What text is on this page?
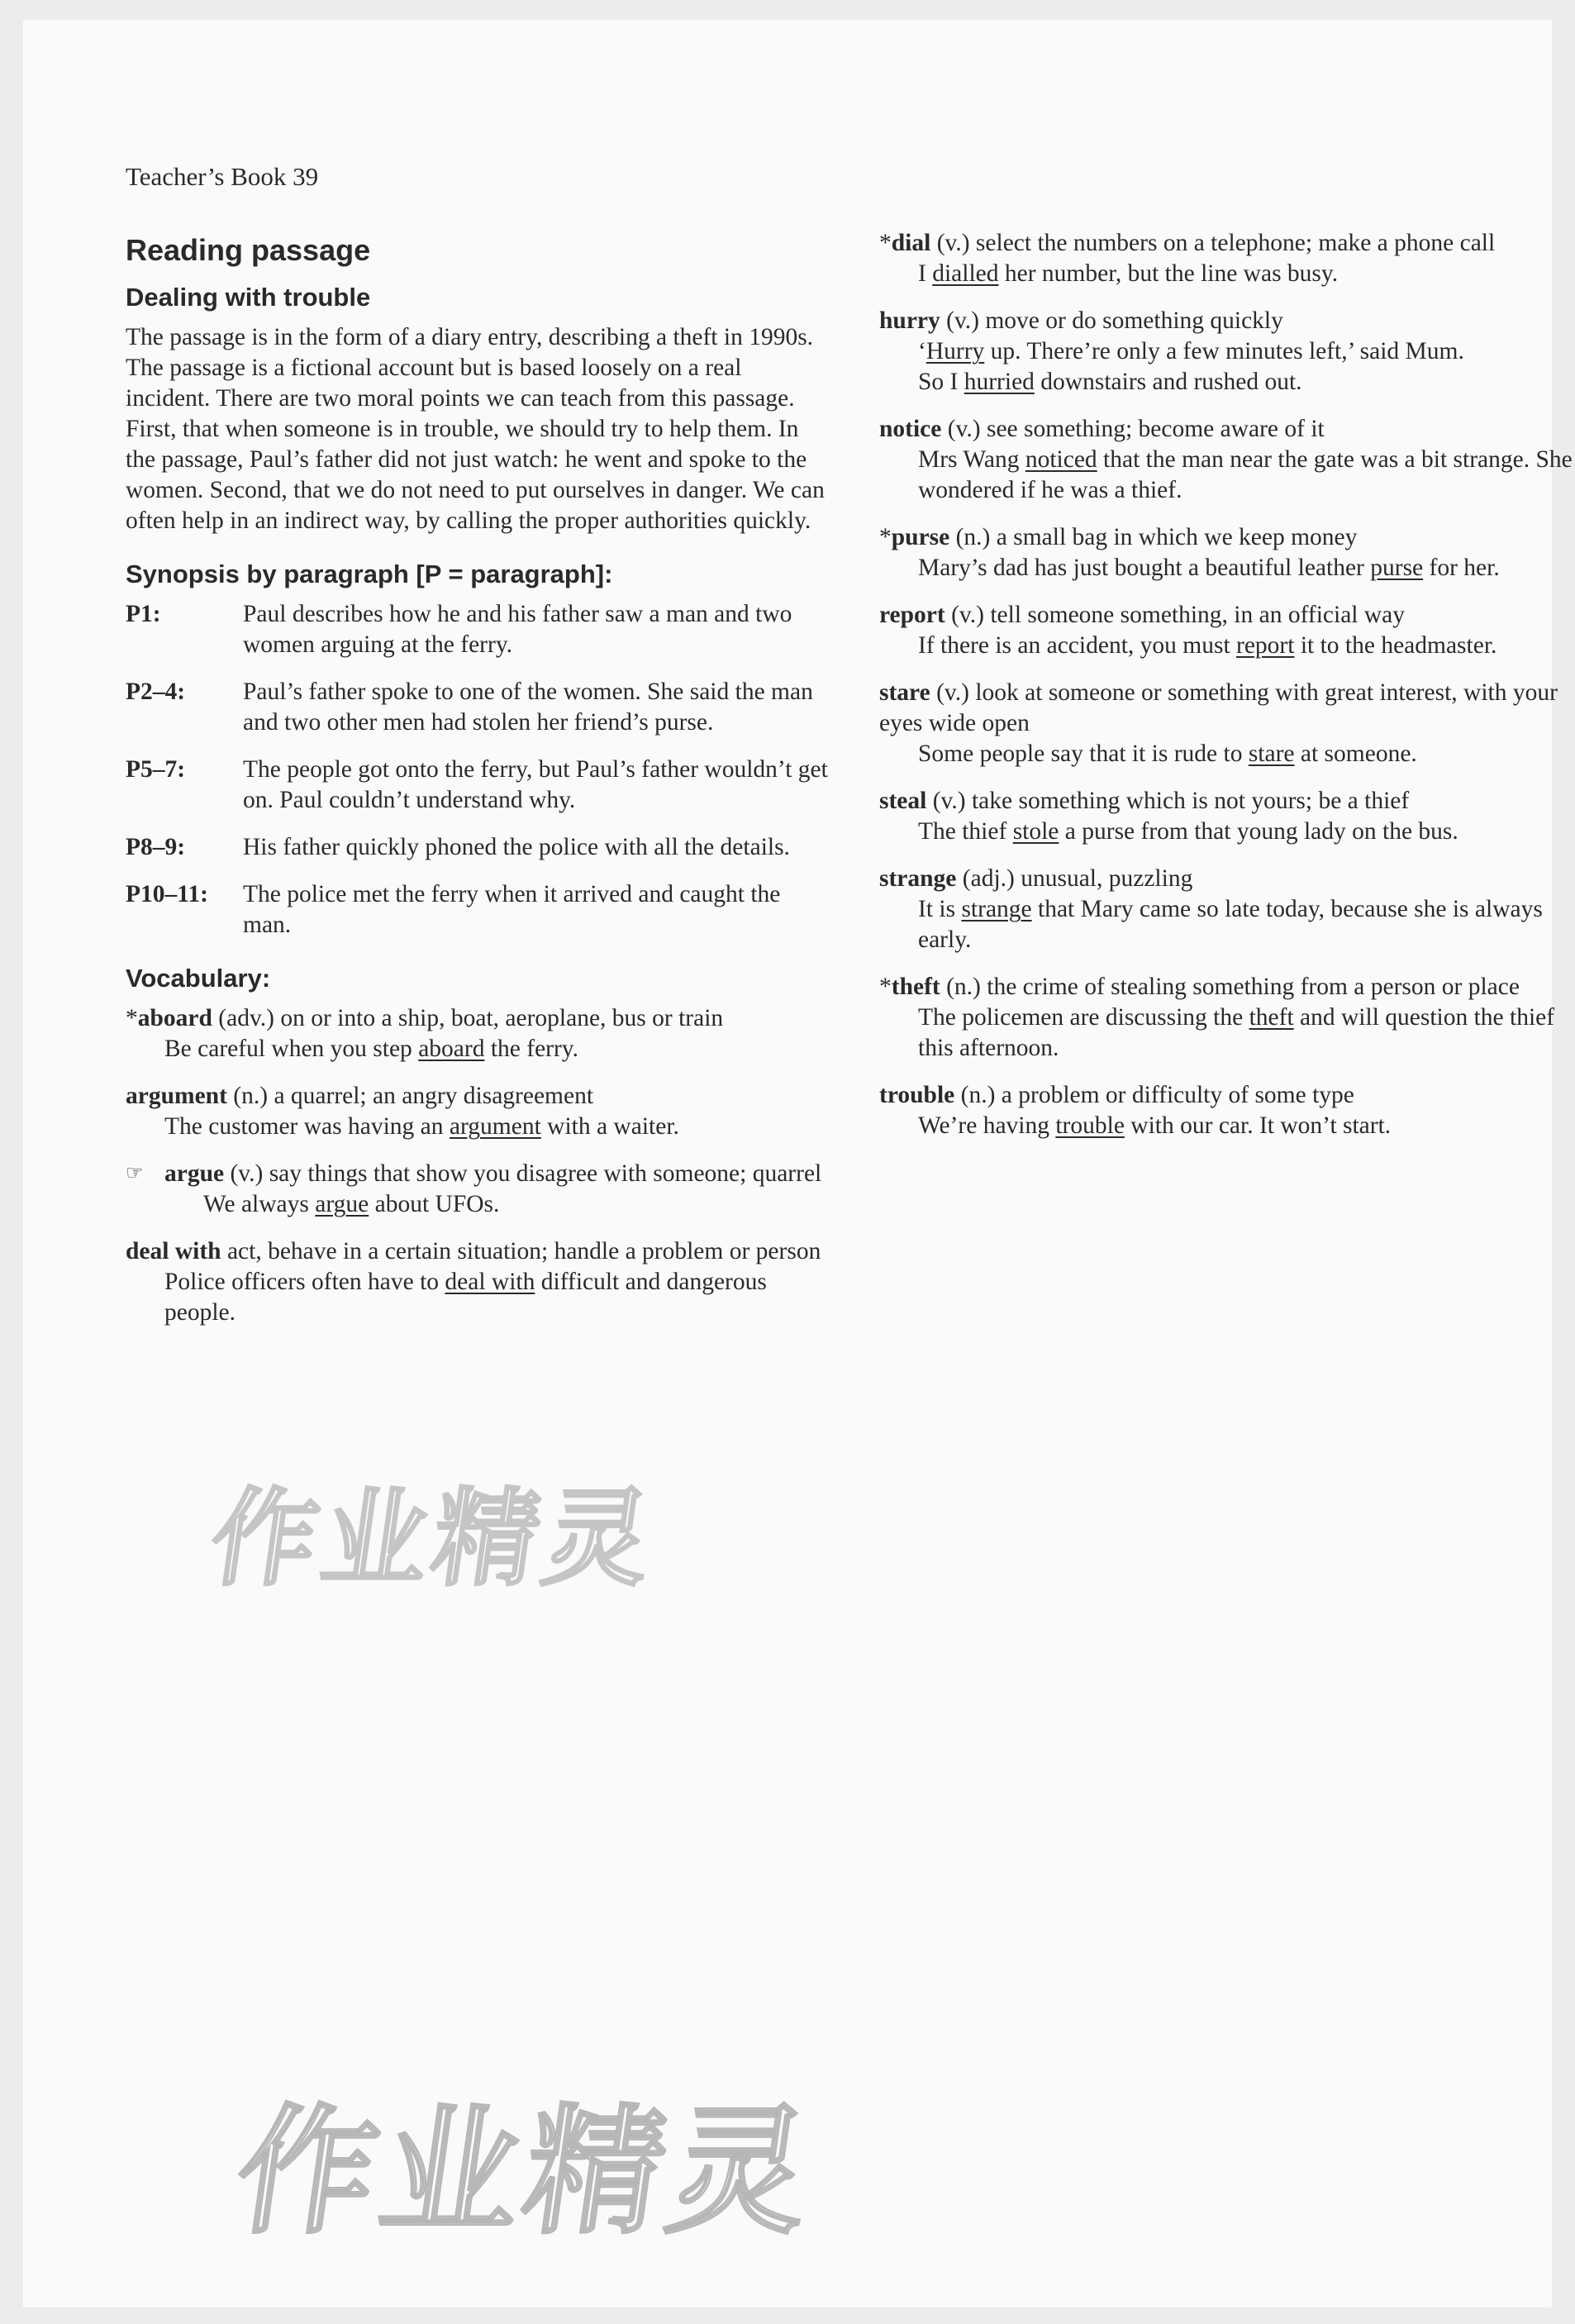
Teacher’s Book 39
Reading passage
Dealing with trouble

The passage is in the form of a diary entry, describing a theft in 1990s. The passage is a fictional account but is based loosely on a real incident. There are two moral points we can teach from this passage. First, that when someone is in trouble, we should try to help them. In the passage, Paul’s father did not just watch: he went and spoke to the women. Second, that we do not need to put ourselves in danger. We can often help in an indirect way, by calling the proper authorities quickly.

Synopsis by paragraph [P = paragraph]:
P1:	Paul describes how he and his father saw a man and two women arguing at the ferry.
P2–4:	Paul’s father spoke to one of the women. She said the man and two other men had stolen her friend’s purse.
P5–7:	The people got onto the ferry, but Paul’s father wouldn’t get on. Paul couldn’t understand why.
P8–9:	His father quickly phoned the police with all the details.
P10–11:	The police met the ferry when it arrived and caught the man.
Vocabulary:
*aboard (adv.) on or into a ship, boat, aeroplane, bus or train
Be careful when you step aboard the ferry.
argument (n.) a quarrel; an angry disagreement
The customer was having an argument with a waiter.
☞ argue (v.) say things that show you disagree with someone; quarrel
We always argue about UFOs.
deal with act, behave in a certain situation; handle a problem or person
Police officers often have to deal with difficult and dangerous people.
*dial (v.) select the numbers on a telephone; make a phone call
I dialled her number, but the line was busy.
hurry (v.) move or do something quickly
‘Hurry up. There’re only a few minutes left,’ said Mum.
So I hurried downstairs and rushed out.
notice (v.) see something; become aware of it
Mrs Wang noticed that the man near the gate was a bit strange. She wondered if he was a thief.
*purse (n.) a small bag in which we keep money
Mary’s dad has just bought a beautiful leather purse for her.
report (v.) tell someone something, in an official way
If there is an accident, you must report it to the headmaster.
stare (v.) look at someone or something with great interest, with your eyes wide open
Some people say that it is rude to stare at someone.
steal (v.) take something which is not yours; be a thief
The thief stole a purse from that young lady on the bus.
strange (adj.) unusual, puzzling
It is strange that Mary came so late today, because she is always early.
*theft (n.) the crime of stealing something from a person or place
The policemen are discussing the theft and will question the thief this afternoon.
trouble (n.) a problem or difficulty of some type
We’re having trouble with our car. It won’t start.
作业精灵
作业精灵
